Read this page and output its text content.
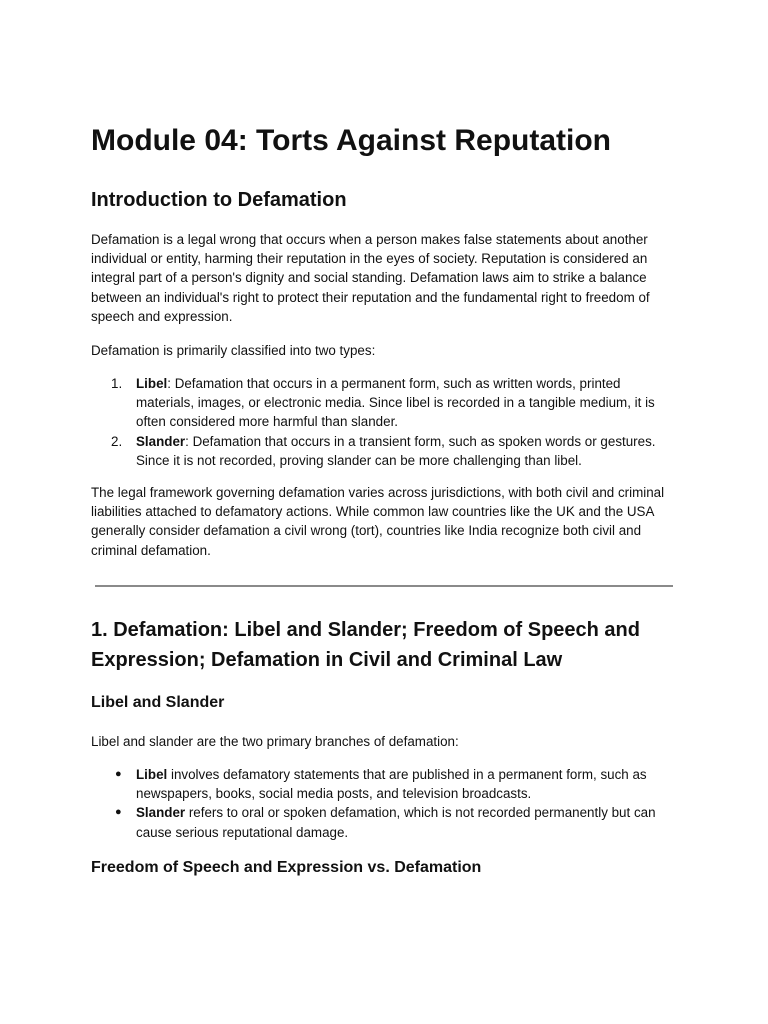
Module 04: Torts Against Reputation
Introduction to Defamation

Defamation is a legal wrong that occurs when a person makes false statements about another individual or entity, harming their reputation in the eyes of society. Reputation is considered an integral part of a person's dignity and social standing. Defamation laws aim to strike a balance between an individual's right to protect their reputation and the fundamental right to freedom of speech and expression.

Defamation is primarily classified into two types:

1. Libel: Defamation that occurs in a permanent form, such as written words, printed materials, images, or electronic media. Since libel is recorded in a tangible medium, it is often considered more harmful than slander.
2. Slander: Defamation that occurs in a transient form, such as spoken words or gestures. Since it is not recorded, proving slander can be more challenging than libel.

The legal framework governing defamation varies across jurisdictions, with both civil and criminal liabilities attached to defamatory actions. While common law countries like the UK and the USA generally consider defamation a civil wrong (tort), countries like India recognize both civil and criminal defamation.

1. Defamation: Libel and Slander; Freedom of Speech and Expression; Defamation in Civil and Criminal Law
Libel and Slander

Libel and slander are the two primary branches of defamation:

● Libel involves defamatory statements that are published in a permanent form, such as newspapers, books, social media posts, and television broadcasts.
● Slander refers to oral or spoken defamation, which is not recorded permanently but can cause serious reputational damage.
Freedom of Speech and Expression vs. Defamation
